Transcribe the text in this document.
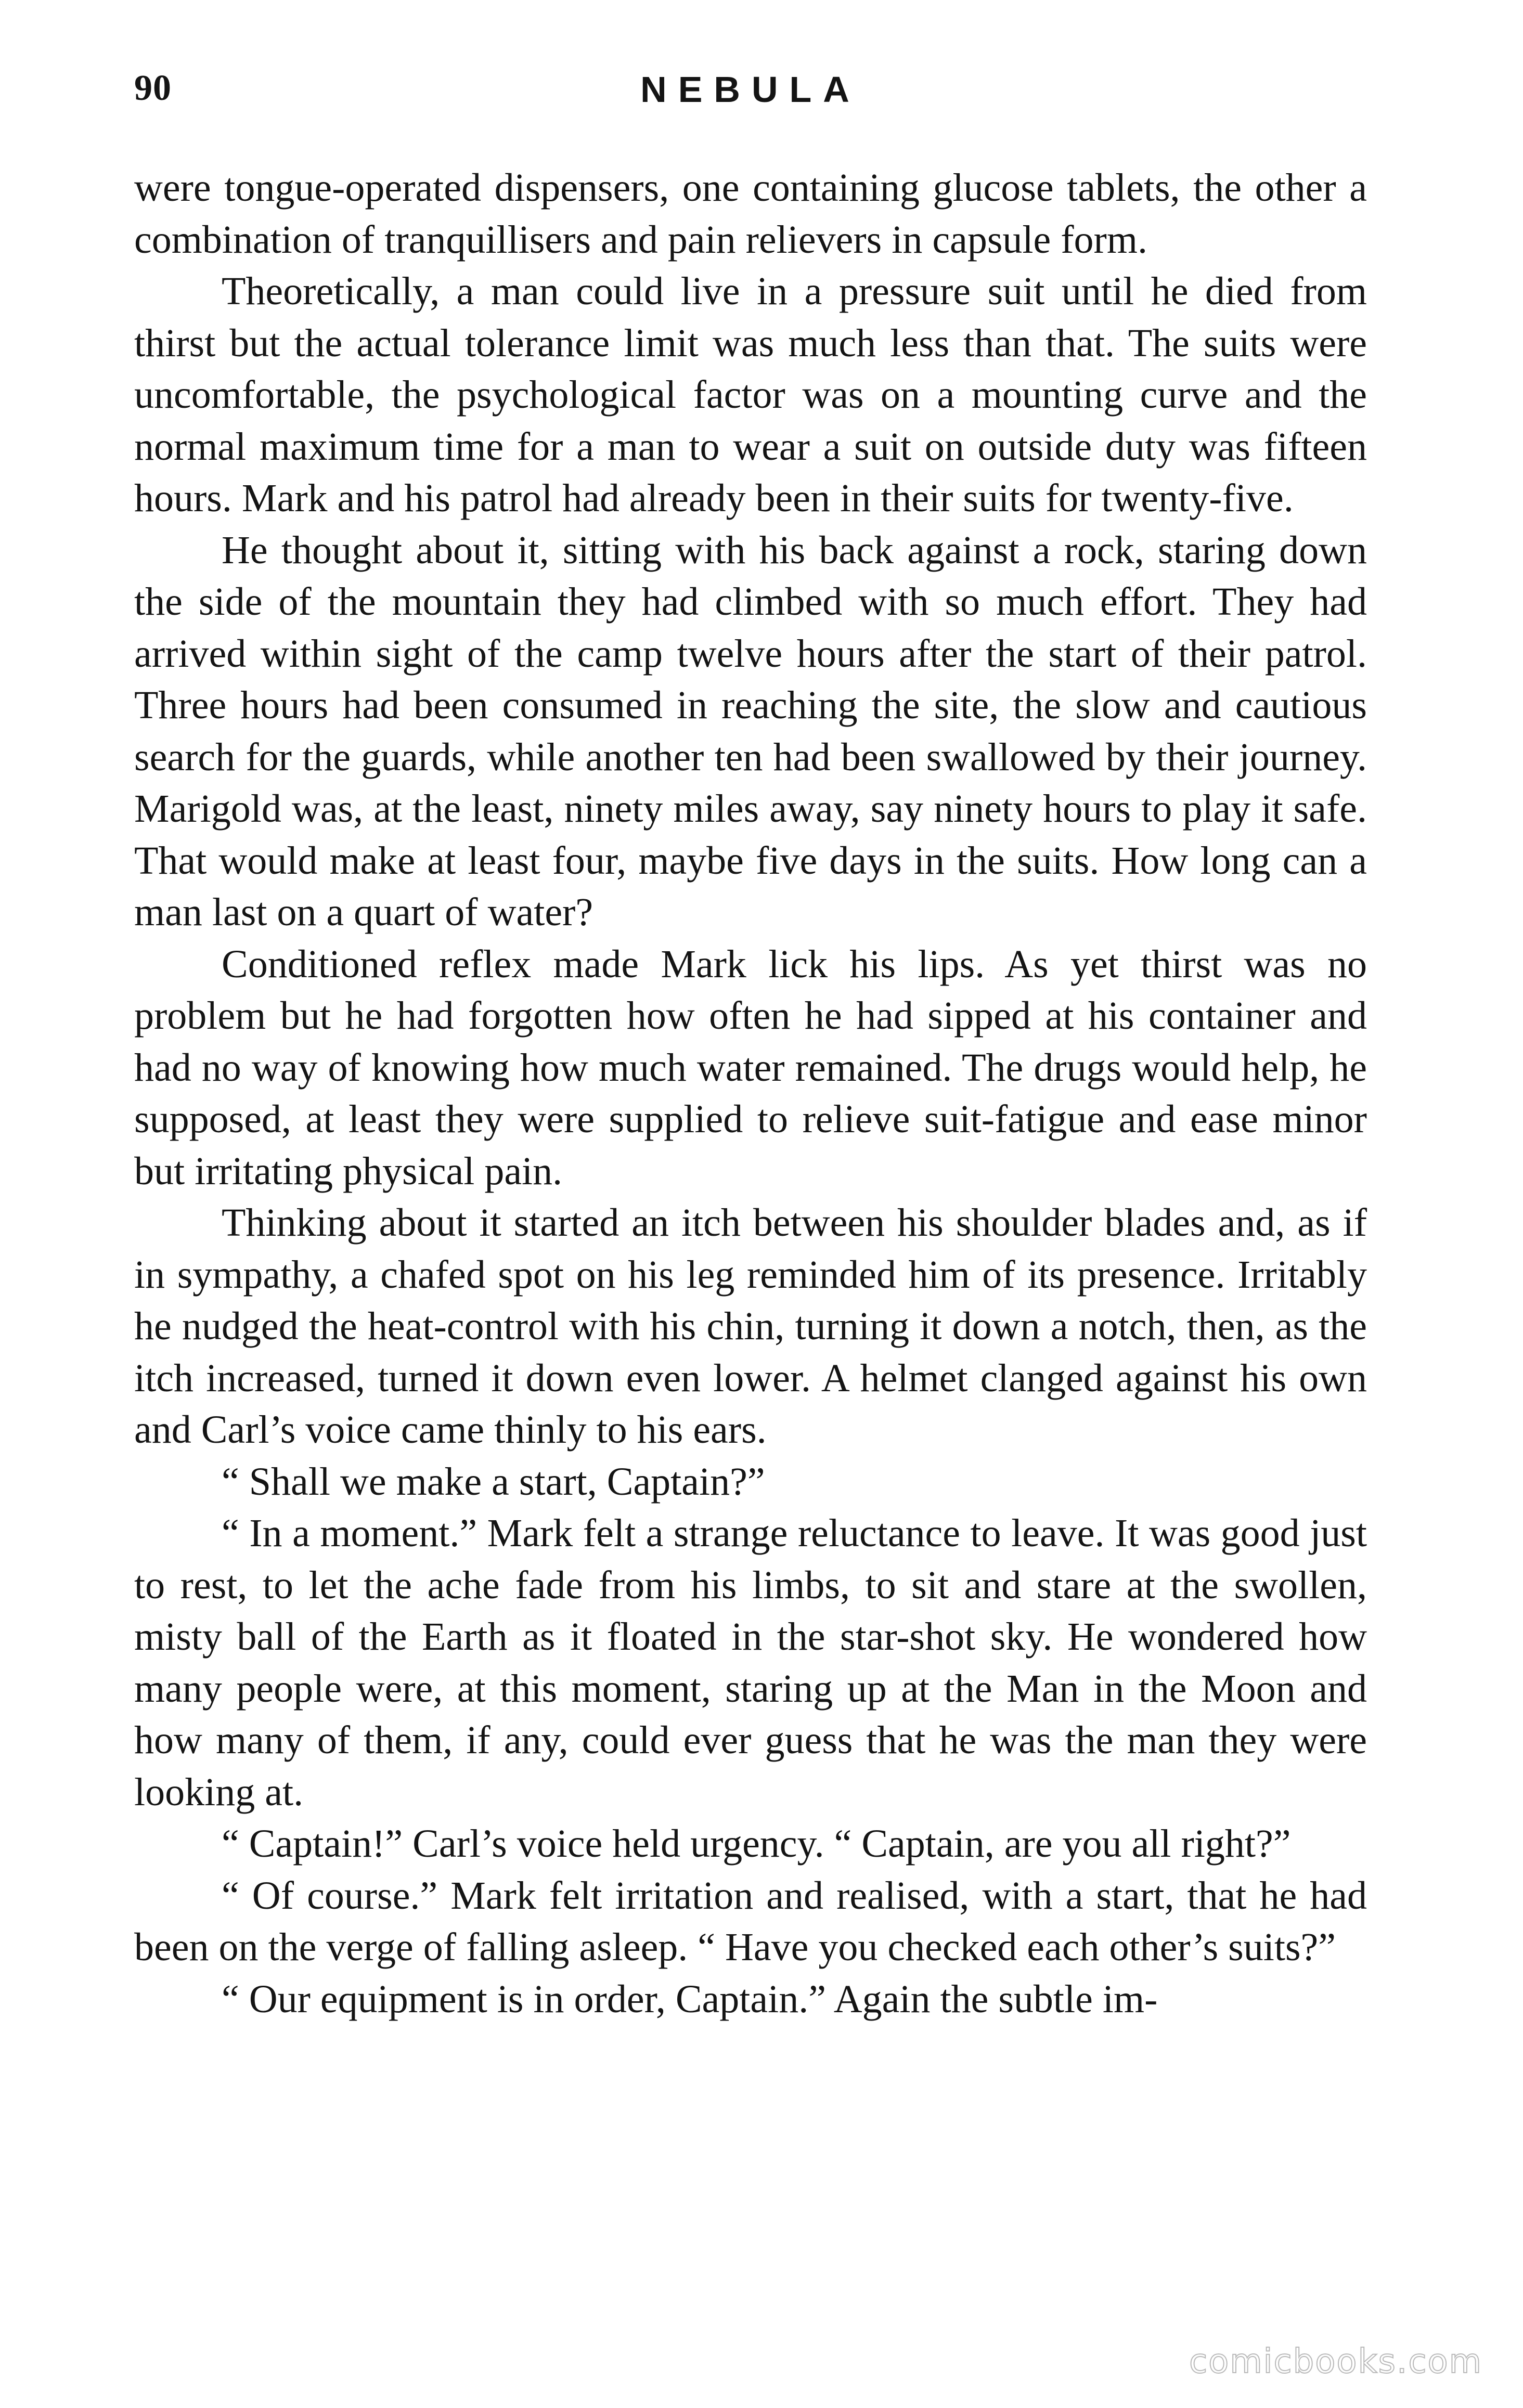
90	NEBULA

were tongue-operated dispensers, one containing glucose tablets, the other a combination of tranquillisers and pain relievers in capsule form.

Theoretically, a man could live in a pressure suit until he died from thirst but the actual tolerance limit was much less than that. The suits were uncomfortable, the psychological factor was on a mounting curve and the normal maximum time for a man to wear a suit on outside duty was fifteen hours. Mark and his patrol had already been in their suits for twenty-five.

He thought about it, sitting with his back against a rock, staring down the side of the mountain they had climbed with so much effort. They had arrived within sight of the camp twelve hours after the start of their patrol. Three hours had been consumed in reaching the site, the slow and cautious search for the guards, while another ten had been swallowed by their journey. Marigold was, at the least, ninety miles away, say ninety hours to play it safe. That would make at least four, maybe five days in the suits. How long can a man last on a quart of water?

Conditioned reflex made Mark lick his lips. As yet thirst was no problem but he had forgotten how often he had sipped at his container and had no way of knowing how much water remained. The drugs would help, he supposed, at least they were supplied to relieve suit-fatigue and ease minor but irritating physical pain.

Thinking about it started an itch between his shoulder blades and, as if in sympathy, a chafed spot on his leg reminded him of its presence. Irritably he nudged the heat-control with his chin, turning it down a notch, then, as the itch increased, turned it down even lower. A helmet clanged against his own and Carl’s voice came thinly to his ears.

“ Shall we make a start, Captain?”

“ In a moment.” Mark felt a strange reluctance to leave. It was good just to rest, to let the ache fade from his limbs, to sit and stare at the swollen, misty ball of the Earth as it floated in the star-shot sky. He wondered how many people were, at this moment, staring up at the Man in the Moon and how many of them, if any, could ever guess that he was the man they were looking at.

“ Captain!” Carl’s voice held urgency. “ Captain, are you all right?”

“ Of course.” Mark felt irritation and realised, with a start, that he had been on the verge of falling asleep. “ Have you checked each other’s suits?”

“ Our equipment is in order, Captain.” Again the subtle im-

comicbooks.com
